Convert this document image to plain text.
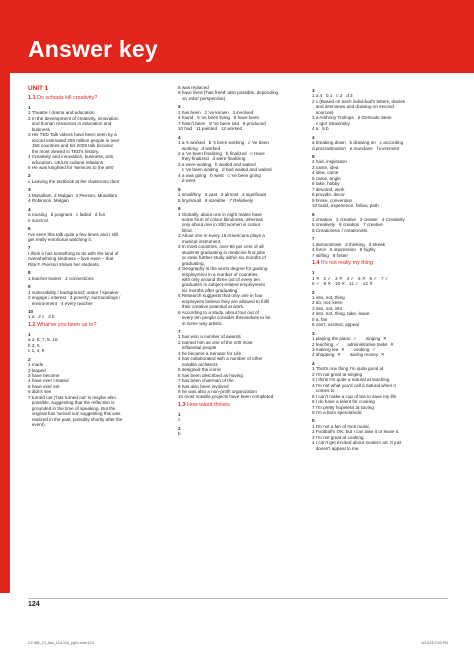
Answer key
UNIT 1
1.1 Do schools kill creativity?
1
1 Theatre / drama and education
2 In the development of creativity, innovation
and human resources in education and
business
3 His TED Talk videos have been seen by a
record estimated 250 million people in over
150 countries and his 2006 talk became
the most viewed in TED's history.
4 Creativity and innovation, business, arts,
education, UK/US cultural relations
5 He was knighted for 'services to the arts'
2
c Leaving the textbook at the classroom door
3
1 Musallam  2 Mulgan  3 Pierson, Musallam
4 Robinson, Mulgan
4
a rousing   b poignant   c faded   d fun
e succinct
6
I've seen this talk quite a few times and I still
get really emotional watching it.
7
I think it has something to do with the kind of
overwhelming kindness – love even – that
Rita F. Pierson shows her students.
8
1 teacher trainer   2 connections
9
1 vulnerability / background; orator / speaker
2 engage / interest   3 poverty; surroundings /
environment   4 every teacher
10
1 a   2 c   3 b
1.2 What've you been up to?
1
a 2, 6, 7, 8, 10
b 3, 5
c 1, 4, 9
2
1 made
2 leaped
3 have become
4 have ever created
5 have ever set
6 didn't see
7 turned out ('has turned out' is maybe also
possible, suggesting that the reflection is
grounded in the time of speaking. But the
original has 'turned out' suggesting this was
realized in the past, possibly shortly after the
event)
8 was replaced
9 have lived ('has freed' also possible, depending
on Jobs' perspective)
3
1 has been   2 've known   3 involved
4 found   5 've been living   6 have been
7 hasn't been   8 've been told   9 produced
10 had   11 painted   12 worked
4
1 a 's worked   b 's been working   c 've been
working   d worked
2 a 've been finalizing   b finalized   c Have
they finalized   d were finalizing
3 a were waiting   b waited and waited
c 've been waiting   d had waited and waited
4 a was going   b went   c 've been going
d went
5
1 small/tiny   2 vast   3 almost   4 significant
5 tiny/small   6 sizeable   7 Relatively
6
1 Globally, about one in eight males have
some form of colour blindness, whereas
only about one in 200 women is colour
blind.
2 About one in every 16 Americans plays a
musical instrument.
3 In most countries, over 90 per cent of all
students graduating in medicine find jobs
or enter further study within six months of
graduating.
4 Geography is the worst degree for gaining
employment in a number of countries,
with only around three out of every ten
graduates in subject-related employment
six months after graduating.
5 Research suggests that only one in four
employees believe they are allowed to fulfil
their creative potential at work.
6 According to a study, about four out of
every ten people consider themselves to be
in some way artistic.
7
1 has won a number of awards
2 named him as one of the 100 most
influential people
3 he became a Senator for Life
4 has collaborated with a number of other
notable architects
5 designed the iconic
6 has been described as having
7 has been chairman of the
8 has also been involved
9 he was also a non-profit organization
10 most notable projects have been completed
1.3 How talent thrives
1
c
2
b
3
1 a 4   b 1   c 2   d 3
2 c (Based on each individual's letters, diaries
and interviews and drawing on second
sources)
3 a Anthony Trollope   b Gertrude Stein
c Igor Stravinsky
4 a   5 b
4
a breaking down   b drawing on   c according
d procrastination   e mundane   f increment
5
2 had, inspiration
3 came, idea
4 idea, came
5 came, angle
6 take, hobby
7 devoted, work
8 provide, decor
9 broke, convention
10 build, experience, follow, path
6
1 creation   2 creative   3 creator   4 Creativity
5 creatively   6 creation   7 creative
8 Creationism / creationists
7
1 demonstrate   2 thinking   3 streak
4 force   5 impression   6 highly
7 stifling   8 foster
1.4 It's not really my thing
1
1 ✕   2 ✓   3 ✕   4 ✓   5 ✕   6 ✓   7 ✓
8 ✓   9 ✕   10 ✕   11 ✓   12 ✕
2
1 into, not, thing
2 do, not, keen
3 into, not, into
4 into, not, thing, take, leave
5 a, fan
6 can't, excited, appeal
3
1 playing the piano  ✓       singing  ✕
2 teaching  ✓      administrative tasks  ✕
3 making tea  ✕       cooking  ✓
4 shopping  ✕       saving money  ✕
4
1 That's one thing I'm quite good at
2 I'm not great at singing
3 I think I'm quite a natural at teaching
4 I'm not what you'd call a natural when it
comes to
5 I can't make a cup of tea to save my life
6 I do have a talent for cooking
7 I'm pretty hopeless at saving
8 I'm a born spendaholic
5
1 I'm not a fan of rock music.
2 Football's OK, but I can take it or leave it.
3 I'm not great at cooking.
4 I can't get excited about modern art. It just
doesn't appeal to me.
124
C2-WB_13_Ans_124-144_pg01.indd 124	6/14/15 2:59 PM
